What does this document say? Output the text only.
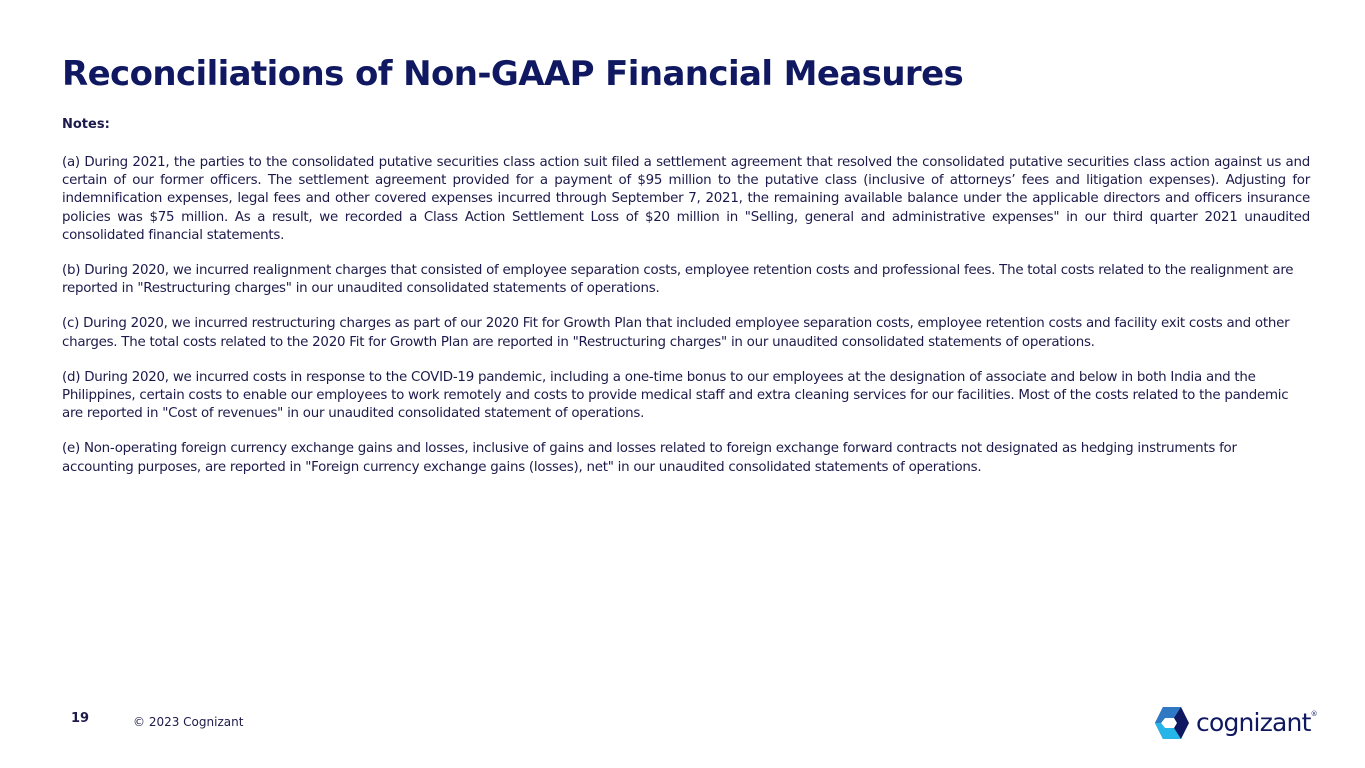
Reconciliations of Non-GAAP Financial Measures

Notes:

(a) During 2021, the parties to the consolidated putative securities class action suit filed a settlement agreement that resolved the consolidated putative securities class action against us and certain of our former officers. The settlement agreement provided for a payment of $95 million to the putative class (inclusive of attorneys’ fees and litigation expenses). Adjusting for indemnification expenses, legal fees and other covered expenses incurred through September 7, 2021, the remaining available balance under the applicable directors and officers insurance policies was $75 million. As a result, we recorded a Class Action Settlement Loss of $20 million in "Selling, general and administrative expenses" in our third quarter 2021 unaudited consolidated financial statements.

(b) During 2020, we incurred realignment charges that consisted of employee separation costs, employee retention costs and professional fees. The total costs related to the realignment are reported in "Restructuring charges" in our unaudited consolidated statements of operations.

(c) During 2020, we incurred restructuring charges as part of our 2020 Fit for Growth Plan that included employee separation costs, employee retention costs and facility exit costs and other charges. The total costs related to the 2020 Fit for Growth Plan are reported in "Restructuring charges" in our unaudited consolidated statements of operations.

(d) During 2020, we incurred costs in response to the COVID-19 pandemic, including a one-time bonus to our employees at the designation of associate and below in both India and the Philippines, certain costs to enable our employees to work remotely and costs to provide medical staff and extra cleaning services for our facilities. Most of the costs related to the pandemic are reported in "Cost of revenues" in our unaudited consolidated statement of operations.

(e) Non-operating foreign currency exchange gains and losses, inclusive of gains and losses related to foreign exchange forward contracts not designated as hedging instruments for accounting purposes, are reported in "Foreign currency exchange gains (losses), net" in our unaudited consolidated statements of operations.

19	© 2023 Cognizant	cognizant ®
